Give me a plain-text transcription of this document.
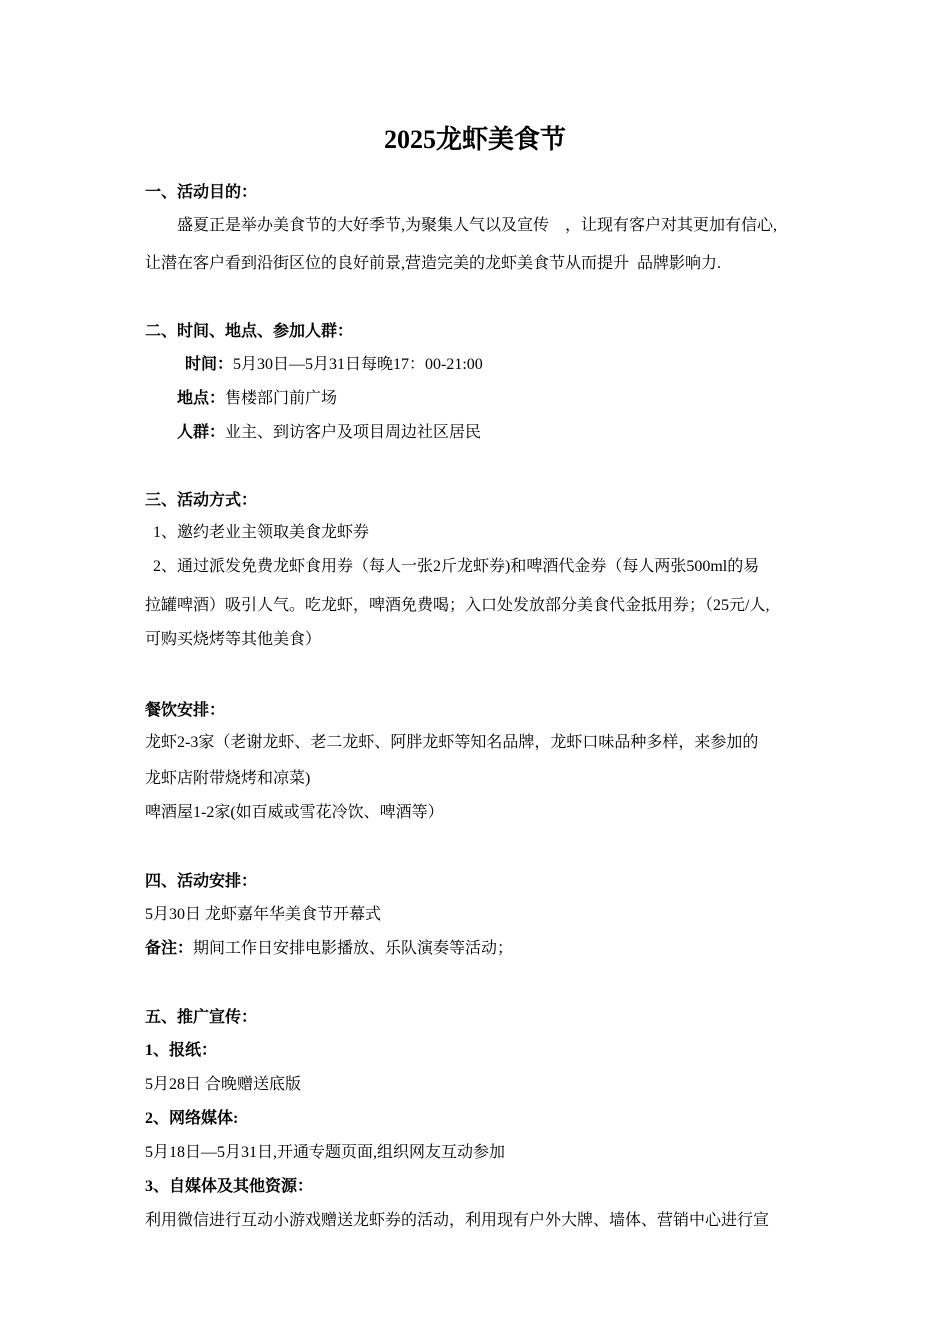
2025龙虾美食节
一、活动目的：
盛夏正是举办美食节的大好季节,为聚集人气以及宣传　，让现有客户对其更加有信心,
让潜在客户看到沿街区位的良好前景,营造完美的龙虾美食节从而提升  品牌影响力.
二、时间、地点、参加人群：
时间：5月30日—5月31日每晚17：00-21:00
地点：售楼部门前广场
人群：业主、到访客户及项目周边社区居民
三、活动方式：
1、邀约老业主领取美食龙虾券
2、通过派发免费龙虾食用券（每人一张2斤龙虾券)和啤酒代金券（每人两张500ml的易
拉罐啤酒）吸引人气。吃龙虾，啤酒免费喝；入口处发放部分美食代金抵用券；（25元/人,
可购买烧烤等其他美食）
餐饮安排：
龙虾2-3家（老谢龙虾、老二龙虾、阿胖龙虾等知名品牌，龙虾口味品种多样，来参加的
龙虾店附带烧烤和凉菜)
啤酒屋1-2家(如百威或雪花冷饮、啤酒等）
四、活动安排：
5月30日 龙虾嘉年华美食节开幕式
备注：期间工作日安排电影播放、乐队演奏等活动；
五、推广宣传：
1、报纸：
5月28日 合晚赠送底版
2、网络媒体:
5月18日—5月31日,开通专题页面,组织网友互动参加
3、自媒体及其他资源：
利用微信进行互动小游戏赠送龙虾券的活动，利用现有户外大牌、墙体、营销中心进行宣
